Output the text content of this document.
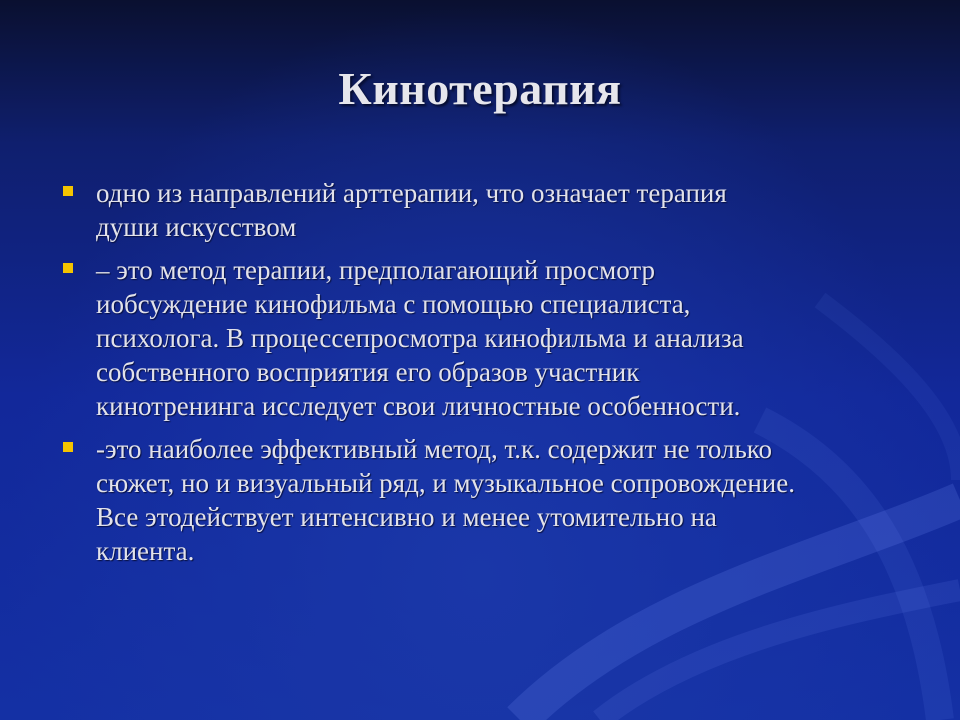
Кинотерапия
одно из направлений арттерапии, что означает терапия
души искусством
– это метод терапии, предполагающий просмотр
иобсуждение кинофильма с помощью специалиста,
психолога. В процессепросмотра кинофильма и анализа
собственного восприятия его образов участник
кинотренинга исследует свои личностные особенности.
-это наиболее эффективный метод, т.к. содержит не только
сюжет, но и визуальный ряд, и музыкальное сопровождение.
Все этодействует интенсивно и менее утомительно на
клиента.
